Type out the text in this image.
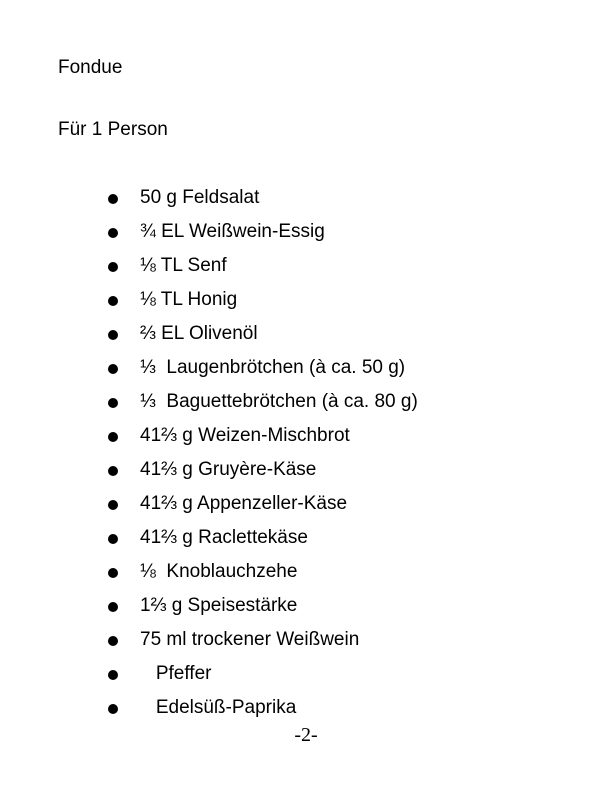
Fondue
Für 1 Person
50 g Feldsalat
¾ EL Weißwein-Essig
⅛ TL Senf
⅛ TL Honig
⅔ EL Olivenöl
⅓  Laugenbrötchen (à ca. 50 g)
⅓  Baguettebrötchen (à ca. 80 g)
41⅔ g Weizen-Mischbrot
41⅔ g Gruyère-Käse
41⅔ g Appenzeller-Käse
41⅔ g Raclettekäse
⅛  Knoblauchzehe
1⅔ g Speisestärke
75 ml trockener Weißwein
Pfeffer
Edelsüß-Paprika
-2-
